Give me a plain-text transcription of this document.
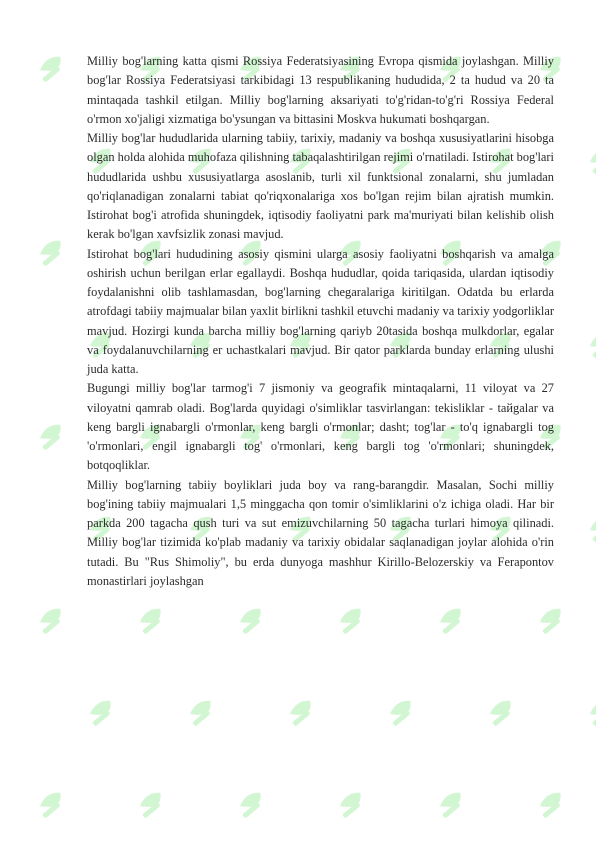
Milliy bog'larning katta qismi Rossiya Federatsiyasining Evropa qismida joylashgan. Milliy bog'lar Rossiya Federatsiyasi tarkibidagi 13 respublikaning hududida, 2 ta hudud va 20 ta mintaqada tashkil etilgan. Milliy bog'larning aksariyati to'g'ridan-to'g'ri Rossiya Federal o'rmon xo'jaligi xizmatiga bo'ysungan va bittasini Moskva hukumati boshqargan.

Milliy bog'lar hududlarida ularning tabiiy, tarixiy, madaniy va boshqa xususiyatlarini hisobga olgan holda alohida muhofaza qilishning tabaqalashtirilgan rejimi o'rnatiladi. Istirohat bog'lari hududlarida ushbu xususiyatlarga asoslanib, turli xil funktsional zonalarni, shu jumladan qo'riqlanadigan zonalarni tabiat qo'riqxonalariga xos bo'lgan rejim bilan ajratish mumkin. Istirohat bog'i atrofida shuningdek, iqtisodiy faoliyatni park ma'muriyati bilan kelishib olish kerak bo'lgan xavfsizlik zonasi mavjud.

Istirohat bog'lari hududining asosiy qismini ularga asosiy faoliyatni boshqarish va amalga oshirish uchun berilgan erlar egallaydi. Boshqa hududlar, qoida tariqasida, ulardan iqtisodiy foydalanishni olib tashlamasdan, bog'larning chegaralariga kiritilgan. Odatda bu erlarda atrofdagi tabiiy majmualar bilan yaxlit birlikni tashkil etuvchi madaniy va tarixiy yodgorliklar mavjud. Hozirgi kunda barcha milliy bog'larning qariyb 20tasida boshqa mulkdorlar, egalar va foydalanuvchilarning er uchastkalari mavjud. Bir qator parklarda bunday erlarning ulushi juda katta.

Bugungi milliy bog'lar tarmog'i 7 jismoniy va geografik mintaqalarni, 11 viloyat va 27 viloyatni qamrab oladi. Bog'larda quyidagi o'simliklar tasvirlangan: tekisliklar - tайgalar va keng bargli ignabargli o'rmonlar, keng bargli o'rmonlar; dasht; tog'lar - to'q ignabargli tog 'o'rmonlari, engil ignabargli tog' o'rmonlari, keng bargli tog 'o'rmonlari; shuningdek, botqoqliklar.

Milliy bog'larning tabiiy boyliklari juda boy va rang-barangdir. Masalan, Sochi milliy bog'ining tabiiy majmualari 1,5 minggacha qon tomir o'simliklarini o'z ichiga oladi. Har bir parkda 200 tagacha qush turi va sut emizuvchilarning 50 tagacha turlari himoya qilinadi. Milliy bog'lar tizimida ko'plab madaniy va tarixiy obidalar saqlanadigan joylar alohida o'rin tutadi. Bu "Rus Shimoliy", bu erda dunyoga mashhur Kirillo-Belozerskiy va Ferapontov monastirlari joylashgan
